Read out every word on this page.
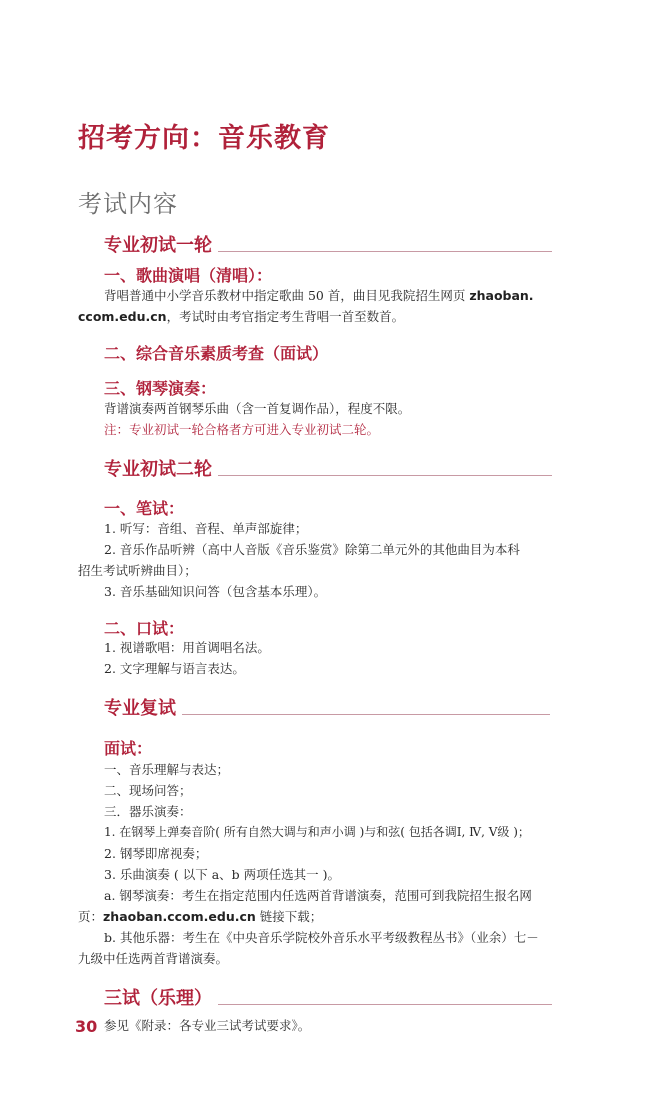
招考方向：音乐教育
考试内容
专业初试一轮
一、歌曲演唱（清唱）：
背唱普通中小学音乐教材中指定歌曲 50 首，曲目见我院招生网页 zhaoban.
ccom.edu.cn，考试时由考官指定考生背唱一首至数首。
二、综合音乐素质考查（面试）
三、钢琴演奏：
背谱演奏两首钢琴乐曲（含一首复调作品），程度不限。
注：专业初试一轮合格者方可进入专业初试二轮。
专业初试二轮
一、笔试：
1. 听写：音组、音程、单声部旋律；
2. 音乐作品听辨（高中人音版《音乐鉴赏》除第二单元外的其他曲目为本科
招生考试听辨曲目）；
3. 音乐基础知识问答（包含基本乐理）。
二、口试：
1. 视谱歌唱：用首调唱名法。
2. 文字理解与语言表达。
专业复试
面试：
一、音乐理解与表达；
二、现场问答；
三．器乐演奏：
1. 在钢琴上弹奏音阶( 所有自然大调与和声小调 )与和弦( 包括各调Ⅰ, Ⅳ, Ⅴ级 )；
2. 钢琴即席视奏；
3. 乐曲演奏 ( 以下 a、b 两项任选其一 )。
a. 钢琴演奏：考生在指定范围内任选两首背谱演奏，范围可到我院招生报名网
页：zhaoban.ccom.edu.cn 链接下载；
b. 其他乐器：考生在《中央音乐学院校外音乐水平考级教程丛书》（业余）七－
九级中任选两首背谱演奏。
三试（乐理）
参见《附录：各专业三试考试要求》。
30
